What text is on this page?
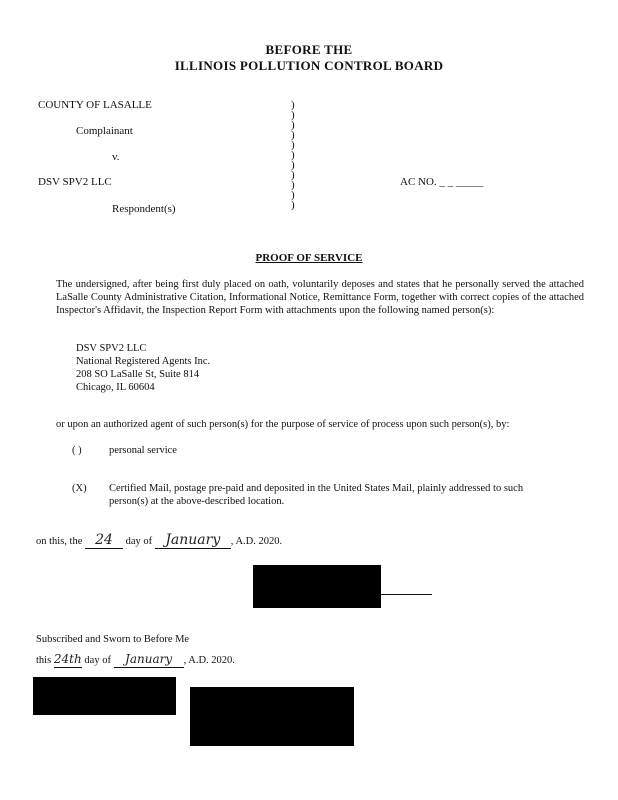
BEFORE THE
ILLINOIS POLLUTION CONTROL BOARD
COUNTY OF LASALLE
Complainant
v.
DSV SPV2 LLC
Respondent(s)
)
)
)
)
)
)
)
)
)
)
)
AC NO. _ _ _____
PROOF OF SERVICE
The undersigned, after being first duly placed on oath, voluntarily deposes and states that he personally served the attached LaSalle County Administrative Citation, Informational Notice, Remittance Form, together with correct copies of the attached Inspector's Affidavit, the Inspection Report Form with attachments upon the following named person(s):
DSV SPV2 LLC
National Registered Agents Inc.
208 SO LaSalle St, Suite 814
Chicago, IL 60604
or upon an authorized agent of such person(s) for the purpose of service of process upon such person(s), by:
( )	personal service
(X) Certified Mail, postage pre-paid and deposited in the United States Mail, plainly addressed to such person(s) at the above-described location.
on this, the 24 day of January , A.D. 2020.
Subscribed and Sworn to Before Me
this 24th day of January , A.D. 2020.
